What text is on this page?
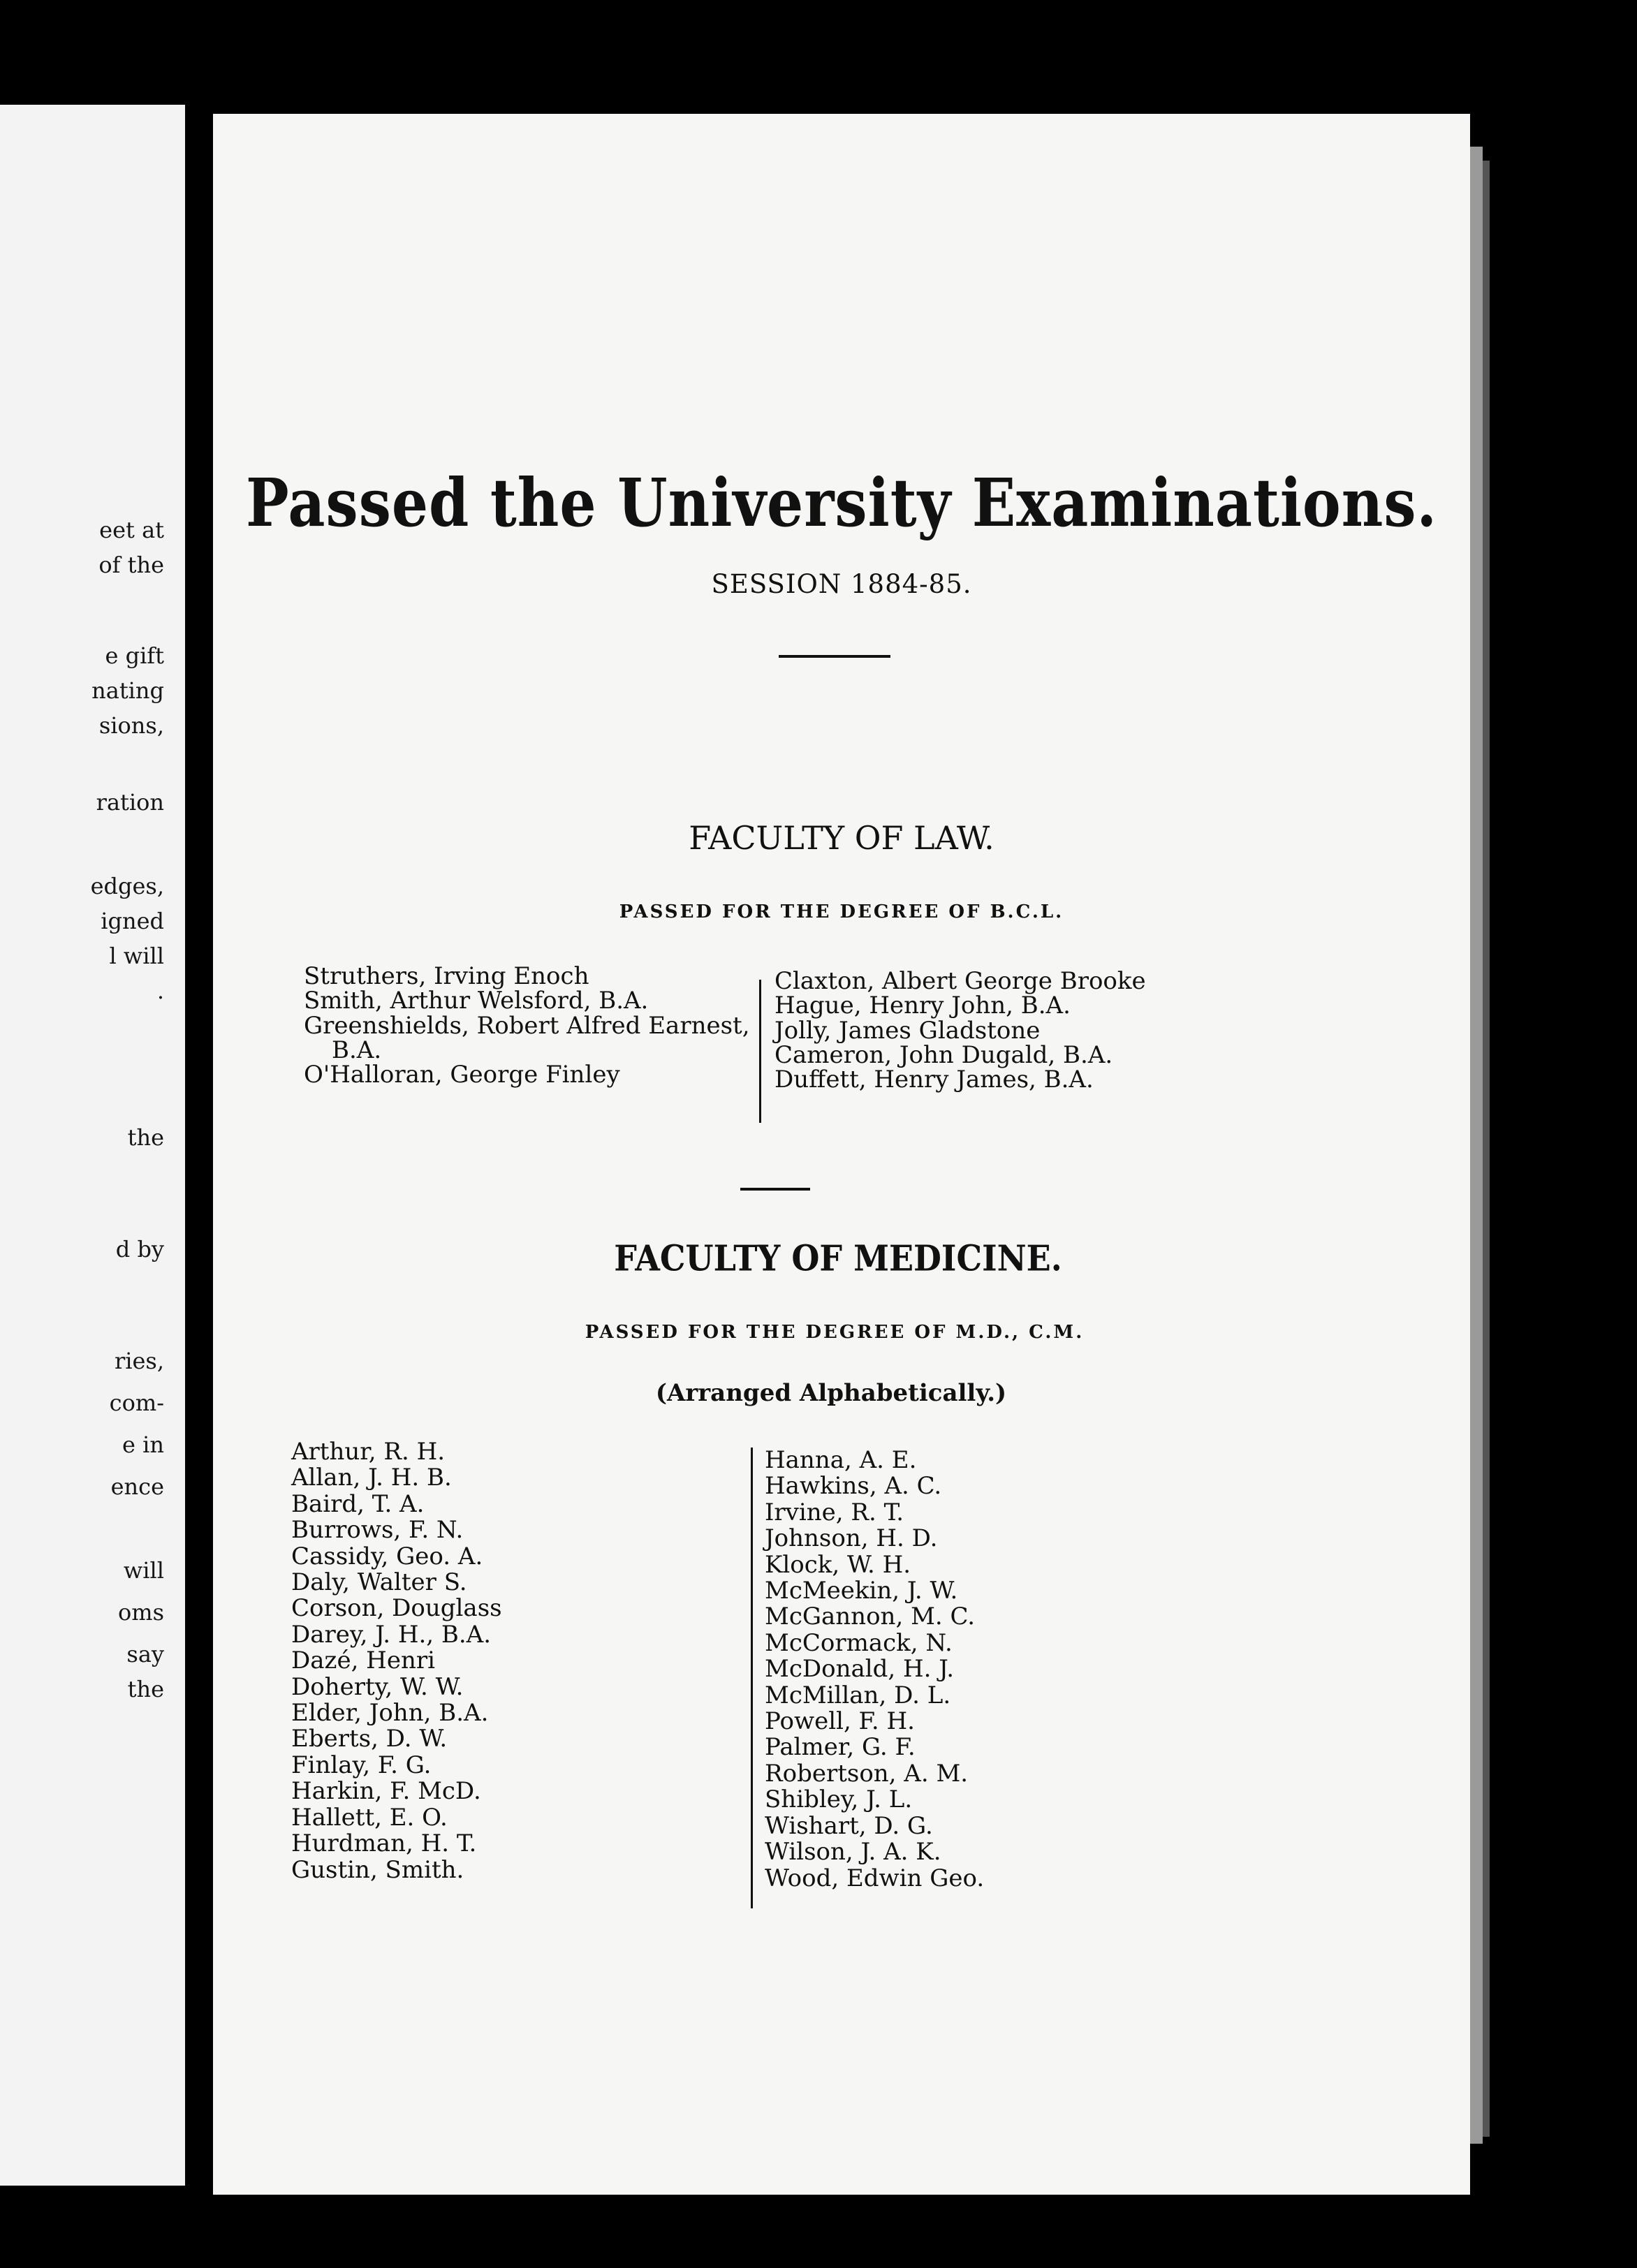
eet at
of the
e gift
nating
sions,
ration
edges,
igned
l will
.
the
d by
ries,
com-
e in
ence
will
oms
say
the
Passed the University Examinations.
SESSION 1884-85.
FACULTY OF LAW.
PASSED FOR THE DEGREE OF B.C.L.
Struthers, Irving Enoch
Smith, Arthur Welsford, B.A.
Greenshields, Robert Alfred Earnest,
B.A.
O'Halloran, George Finley
Claxton, Albert George Brooke
Hague, Henry John, B.A.
Jolly, James Gladstone
Cameron, John Dugald, B.A.
Duffett, Henry James, B.A.
FACULTY OF MEDICINE.
PASSED FOR THE DEGREE OF M.D., C.M.
(Arranged Alphabetically.)
Arthur, R. H.
Allan, J. H. B.
Baird, T. A.
Burrows, F. N.
Cassidy, Geo. A.
Daly, Walter S.
Corson, Douglass
Darey, J. H., B.A.
Dazé, Henri
Doherty, W. W.
Elder, John, B.A.
Eberts, D. W.
Finlay, F. G.
Harkin, F. McD.
Hallett, E. O.
Hurdman, H. T.
Gustin, Smith.
Hanna, A. E.
Hawkins, A. C.
Irvine, R. T.
Johnson, H. D.
Klock, W. H.
McMeekin, J. W.
McGannon, M. C.
McCormack, N.
McDonald, H. J.
McMillan, D. L.
Powell, F. H.
Palmer, G. F.
Robertson, A. M.
Shibley, J. L.
Wishart, D. G.
Wilson, J. A. K.
Wood, Edwin Geo.
